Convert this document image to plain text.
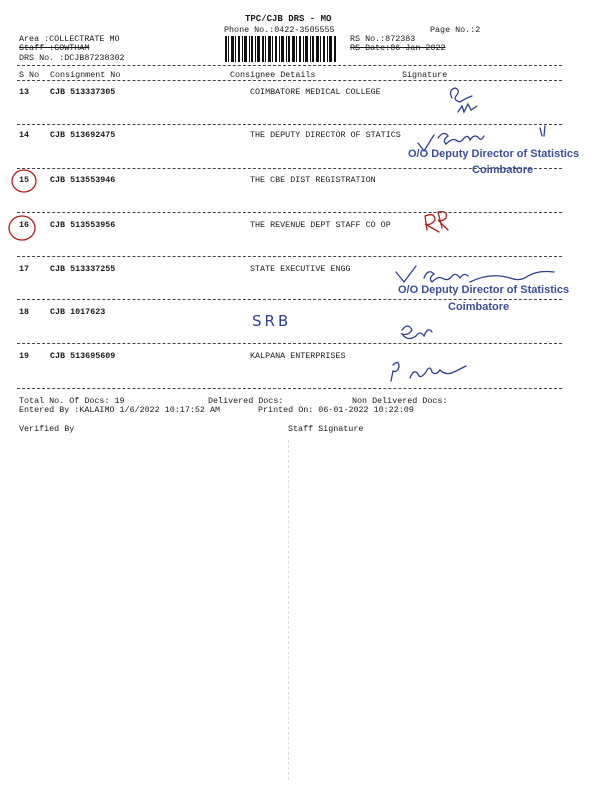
TPC/CJB DRS - MO
Phone No.:0422-3505555	Page No.:2
Area :COLLECTRATE MO
Staff :GOWTHAM
DRS No. :DCJB87238302
RS No.:872383
RS Date:06-Jan-2022
S No Consignment No	Consignee Details	Signature
13 CJB 513337305	COIMBATORE MEDICAL COLLEGE
14 CJB 513692475	THE DEPUTY DIRECTOR OF STATICS
15 CJB 513553946	THE CBE DIST REGISTRATION
16 CJB 513553956	THE REVENUE DEPT STAFF CO OP
17 CJB 513337255	STATE EXECUTIVE ENGG
18 CJB 1017623	SRB
19 CJB 513695609	KALPANA ENTERPRISES
Total No. Of Docs: 19	Delivered Docs:	Non Delivered Docs:
Entered By :KALAIMO 1/6/2022 10:17:52 AM	Printed On: 06-01-2022 10:22:09
Verified By	Staff Signature
O/O Deputy Director of Statistics
Coimbatore
O/O Deputy Director of Statistics
Coimbatore
